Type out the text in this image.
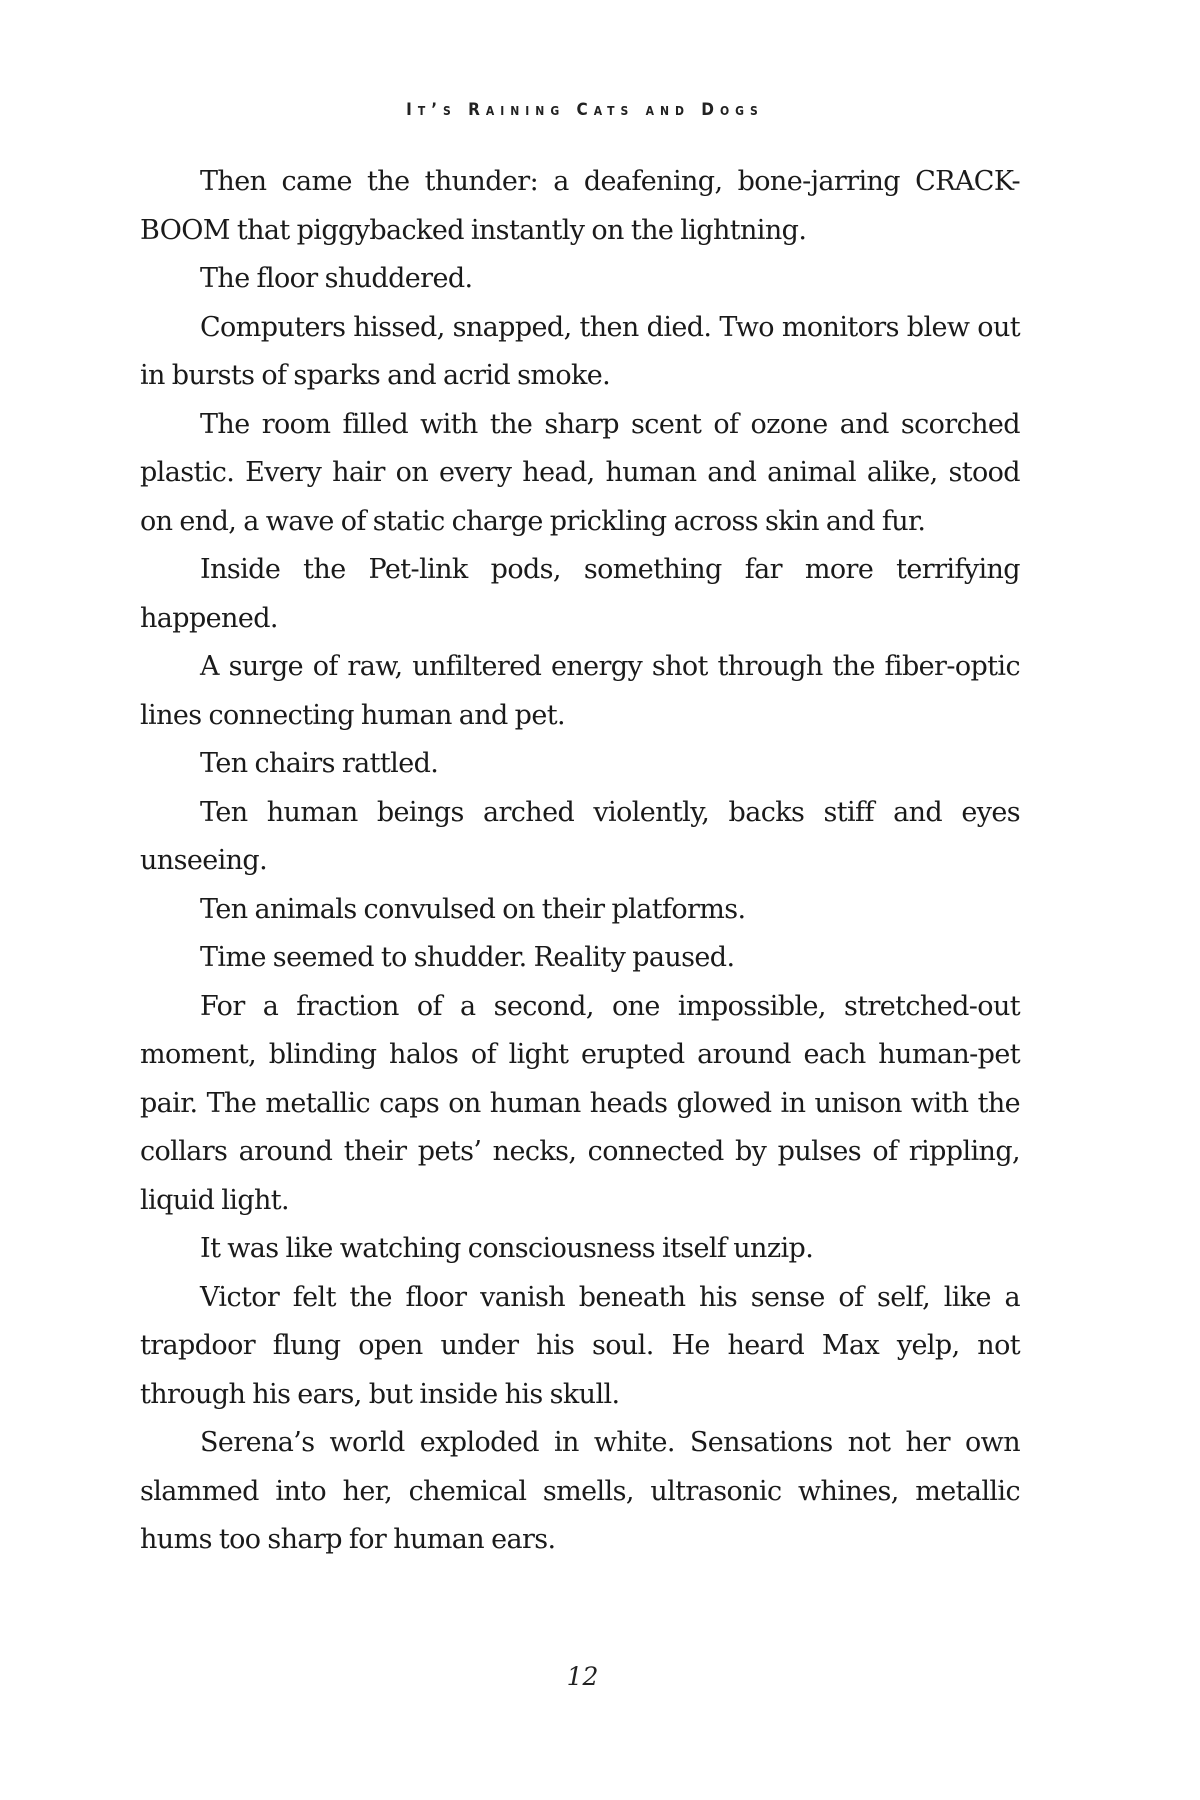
It’s Raining Cats and Dogs

Then came the thunder: a deafening, bone-jarring CRACK-BOOM that piggybacked instantly on the lightning.

The floor shuddered.

Computers hissed, snapped, then died. Two monitors blew out in bursts of sparks and acrid smoke.

The room filled with the sharp scent of ozone and scorched plastic. Every hair on every head, human and animal alike, stood on end, a wave of static charge prickling across skin and fur.

Inside the Pet-link pods, something far more terrifying happened.

A surge of raw, unfiltered energy shot through the fiber-optic lines connecting human and pet.

Ten chairs rattled.

Ten human beings arched violently, backs stiff and eyes unseeing.

Ten animals convulsed on their platforms.

Time seemed to shudder. Reality paused.

For a fraction of a second, one impossible, stretched-out moment, blinding halos of light erupted around each human-pet pair. The metallic caps on human heads glowed in unison with the collars around their pets’ necks, connected by pulses of rippling, liquid light.

It was like watching consciousness itself unzip.

Victor felt the floor vanish beneath his sense of self, like a trapdoor flung open under his soul. He heard Max yelp, not through his ears, but inside his skull.

Serena’s world exploded in white. Sensations not her own slammed into her, chemical smells, ultrasonic whines, metallic hums too sharp for human ears.

12
